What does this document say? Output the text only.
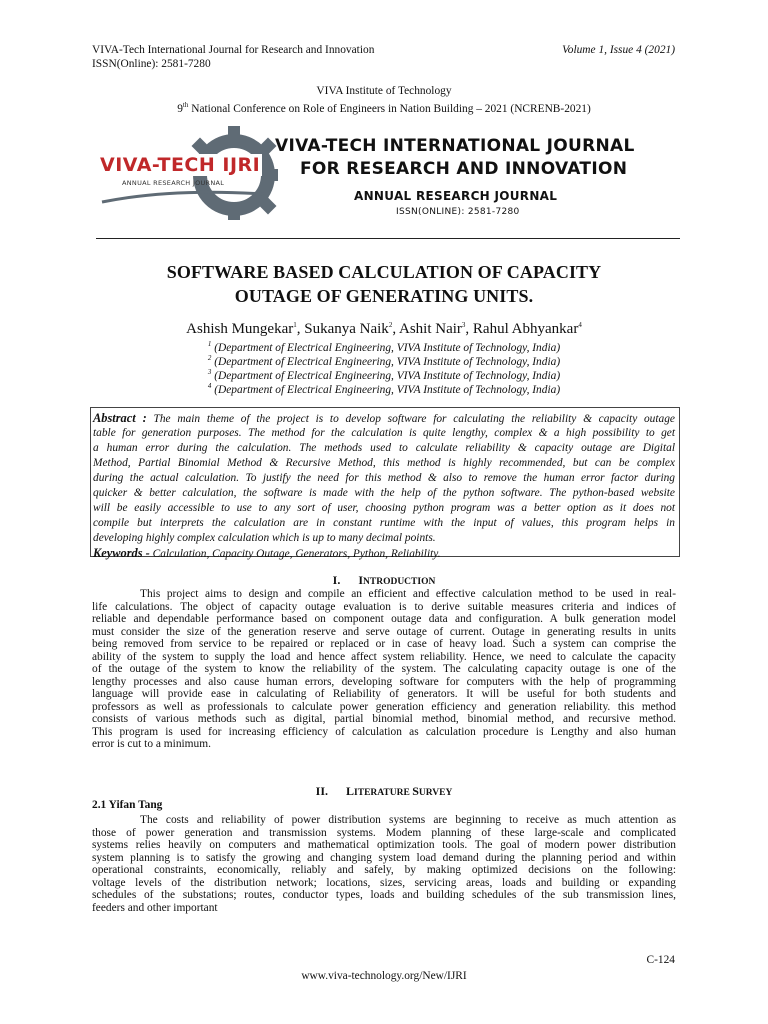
VIVA-Tech International Journal for Research and Innovation	Volume 1, Issue 4 (2021)
ISSN(Online): 2581-7280
VIVA Institute of Technology
9th National Conference on Role of Engineers in Nation Building – 2021 (NCRENB-2021)
VIVA-TECH IJRI
ANNUAL RESEARCH JOURNAL
VIVA-TECH INTERNATIONAL JOURNAL
FOR RESEARCH AND INNOVATION
ANNUAL RESEARCH JOURNAL
ISSN(ONLINE): 2581-7280
SOFTWARE BASED CALCULATION OF CAPACITY
OUTAGE OF GENERATING UNITS.
Ashish Mungekar$^1$, Sukanya Naik$^2$, Ashit Nair$^3$, Rahul Abhyankar$^4$
$^1$ (Department of Electrical Engineering, VIVA Institute of Technology, India)
$^2$ (Department of Electrical Engineering, VIVA Institute of Technology, India)
$^3$ (Department of Electrical Engineering, VIVA Institute of Technology, India)
$^4$ (Department of Electrical Engineering, VIVA Institute of Technology, India)
Abstract : The main theme of the project is to develop software for calculating the reliability & capacity outage
table for generation purposes. The method for the calculation is quite lengthy, complex & a high possibility to get
a human error during the calculation. The methods used to calculate reliability & capacity outage are Digital
Method, Partial Binomial Method & Recursive Method, this method is highly recommended, but can be complex
during the actual calculation. To justify the need for this method & also to remove the human error factor during
quicker & better calculation, the software is made with the help of the python software. The python-based website
will be easily accessible to use to any sort of user, choosing python program was a better option as it does not
compile but interprets the calculation are in constant runtime with the input of values, this program helps in
developing highly complex calculation which is up to many decimal points.
Keywords - Calculation, Capacity Outage, Generators, Python, Reliability.
I. INTRODUCTION
This project aims to design and compile an efficient and effective calculation method to be used in real-
life calculations. The object of capacity outage evaluation is to derive suitable measures criteria and indices of
reliable and dependable performance based on component outage data and configuration. A bulk generation model
must consider the size of the generation reserve and serve outage of current. Outage in generating results in units
being removed from service to be repaired or replaced or in case of heavy load. Such a system can comprise the
ability of the system to supply the load and hence affect system reliability. Hence, we need to calculate the capacity
of the outage of the system to know the reliability of the system. The calculating capacity outage is one of the
lengthy processes and also cause human errors, developing software for computers with the help of programming
language will provide ease in calculating of Reliability of generators. It will be useful for both students and
professors as well as professionals to calculate power generation efficiency and generation reliability. this method
consists of various methods such as digital, partial binomial method, binomial method, and recursive method.
This program is used for increasing efficiency of calculation as calculation procedure is Lengthy and also human
error is cut to a minimum.
II. LITERATURE SURVEY
2.1 Yifan Tang
The costs and reliability of power distribution systems are beginning to receive as much attention as
those of power generation and transmission systems. Modem planning of these large-scale and complicated
systems relies heavily on computers and mathematical optimization tools. The goal of modern power distribution
system planning is to satisfy the growing and changing system load demand during the planning period and within
operational constraints, economically, reliably and safely, by making optimized decisions on the following:
voltage levels of the distribution network; locations, sizes, servicing areas, loads and building or expanding
schedules of the substations; routes, conductor types, loads and building schedules of the sub transmission lines,
feeders and other important
C-124
www.viva-technology.org/New/IJRI
